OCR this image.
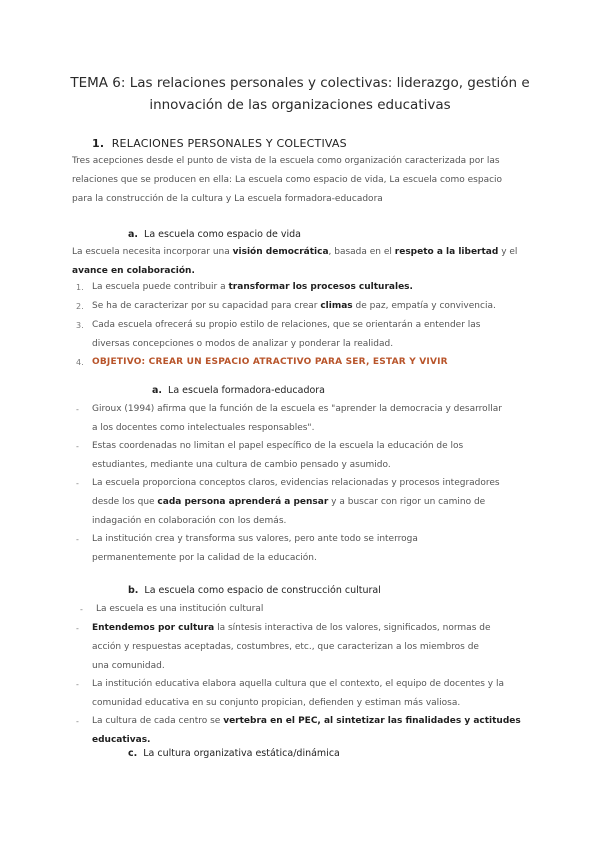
TEMA 6: Las relaciones personales y colectivas: liderazgo, gestión e
innovación de las organizaciones educativas
1. RELACIONES PERSONALES Y COLECTIVAS
Tres acepciones desde el punto de vista de la escuela como organización caracterizada por las
relaciones que se producen en ella: La escuela como espacio de vida, La escuela como espacio
para la construcción de la cultura y La escuela formadora-educadora
a. La escuela como espacio de vida
La escuela necesita incorporar una visión democrática, basada en el respeto a la libertad y el
avance en colaboración.
1. La escuela puede contribuir a transformar los procesos culturales.
2. Se ha de caracterizar por su capacidad para crear climas de paz, empatía y convivencia.
3. Cada escuela ofrecerá su propio estilo de relaciones, que se orientarán a entender las
diversas concepciones o modos de analizar y ponderar la realidad.
4. OBJETIVO: CREAR UN ESPACIO ATRACTIVO PARA SER, ESTAR Y VIVIR
a. La escuela formadora-educadora
- Giroux (1994) afirma que la función de la escuela es "aprender la democracia y desarrollar
a los docentes como intelectuales responsables".
- Estas coordenadas no limitan el papel específico de la escuela la educación de los
estudiantes, mediante una cultura de cambio pensado y asumido.
- La escuela proporciona conceptos claros, evidencias relacionadas y procesos integradores
desde los que cada persona aprenderá a pensar y a buscar con rigor un camino de
indagación en colaboración con los demás.
- La institución crea y transforma sus valores, pero ante todo se interroga
permanentemente por la calidad de la educación.
b. La escuela como espacio de construcción cultural
- La escuela es una institución cultural
- Entendemos por cultura la síntesis interactiva de los valores, significados, normas de
acción y respuestas aceptadas, costumbres, etc., que caracterizan a los miembros de
una comunidad.
- La institución educativa elabora aquella cultura que el contexto, el equipo de docentes y la
comunidad educativa en su conjunto propician, defienden y estiman más valiosa.
- La cultura de cada centro se vertebra en el PEC, al sintetizar las finalidades y actitudes
educativas.
c. La cultura organizativa estática/dinámica
